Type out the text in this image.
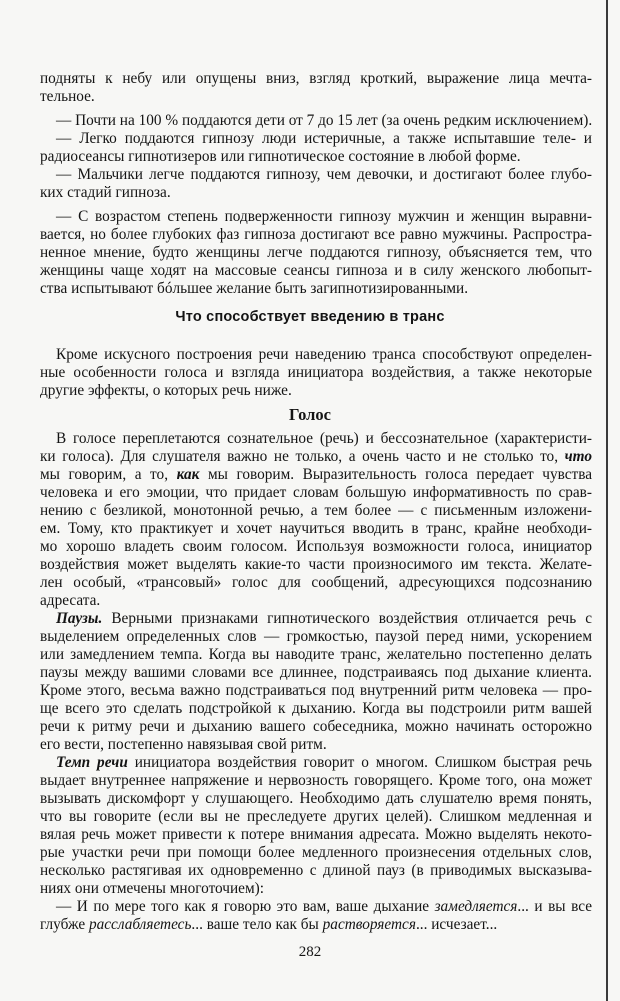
подняты к небу или опущены вниз, взгляд кроткий, выражение лица мечта-
тельное.
— Почти на 100 % поддаются дети от 7 до 15 лет (за очень редким исключением).
— Легко поддаются гипнозу люди истеричные, а также испытавшие теле- и
радиосеансы гипнотизеров или гипнотическое состояние в любой форме.
— Мальчики легче поддаются гипнозу, чем девочки, и достигают более глубо-
ких стадий гипноза.
— С возрастом степень подверженности гипнозу мужчин и женщин выравни-
вается, но более глубоких фаз гипноза достигают все равно мужчины. Распростра-
ненное мнение, будто женщины легче поддаются гипнозу, объясняется тем, что
женщины чаще ходят на массовые сеансы гипноза и в силу женского любопыт-
ства испытывают бóльшее желание быть загипнотизированными.
Что способствует введению в транс
Кроме искусного построения речи наведению транса способствуют определен-
ные особенности голоса и взгляда инициатора воздействия, а также некоторые
другие эффекты, о которых речь ниже.
Голос
В голосе переплетаются сознательное (речь) и бессознательное (характеристи-
ки голоса). Для слушателя важно не только, а очень часто и не столько то, что
мы говорим, а то, как мы говорим. Выразительность голоса передает чувства
человека и его эмоции, что придает словам большую информативность по срав-
нению с безликой, монотонной речью, а тем более — с письменным изложени-
ем. Тому, кто практикует и хочет научиться вводить в транс, крайне необходи-
мо хорошо владеть своим голосом. Используя возможности голоса, инициатор
воздействия может выделять какие-то части произносимого им текста. Желате-
лен особый, «трансовый» голос для сообщений, адресующихся подсознанию
адресата.
Паузы. Верными признаками гипнотического воздействия отличается речь с
выделением определенных слов — громкостью, паузой перед ними, ускорением
или замедлением темпа. Когда вы наводите транс, желательно постепенно делать
паузы между вашими словами все длиннее, подстраиваясь под дыхание клиента.
Кроме этого, весьма важно подстраиваться под внутренний ритм человека — про-
ще всего это сделать подстройкой к дыханию. Когда вы подстроили ритм вашей
речи к ритму речи и дыханию вашего собеседника, можно начинать осторожно
его вести, постепенно навязывая свой ритм.
Темп речи инициатора воздействия говорит о многом. Слишком быстрая речь
выдает внутреннее напряжение и нервозность говорящего. Кроме того, она может
вызывать дискомфорт у слушающего. Необходимо дать слушателю время понять,
что вы говорите (если вы не преследуете других целей). Слишком медленная и
вялая речь может привести к потере внимания адресата. Можно выделять некото-
рые участки речи при помощи более медленного произнесения отдельных слов,
несколько растягивая их одновременно с длиной пауз (в приводимых высказыва-
ниях они отмечены многоточием):
— И по мере того как я говорю это вам, ваше дыхание замедляется... и вы все
глубже расслабляетесь... ваше тело как бы растворяется... исчезает...
282
